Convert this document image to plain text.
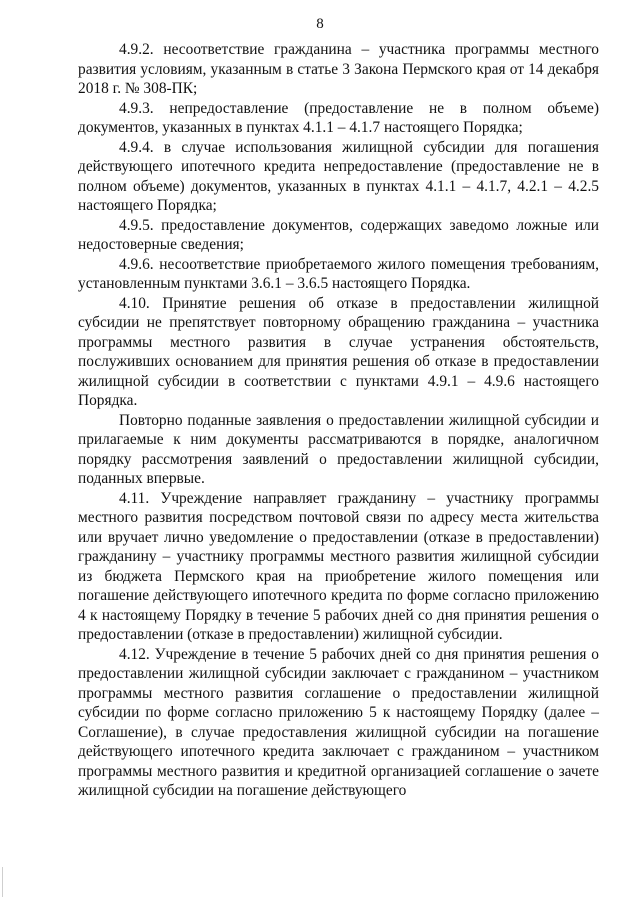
8

4.9.2. несоответствие гражданина – участника программы местного развития условиям, указанным в статье 3 Закона Пермского края от 14 декабря 2018 г. № 308-ПК;

4.9.3. непредоставление (предоставление не в полном объеме) документов, указанных в пунктах 4.1.1 – 4.1.7 настоящего Порядка;

4.9.4. в случае использования жилищной субсидии для погашения действующего ипотечного кредита непредоставление (предоставление не в полном объеме) документов, указанных в пунктах 4.1.1 – 4.1.7, 4.2.1 – 4.2.5 настоящего Порядка;

4.9.5. предоставление документов, содержащих заведомо ложные или недостоверные сведения;

4.9.6. несоответствие приобретаемого жилого помещения требованиям, установленным пунктами 3.6.1 – 3.6.5 настоящего Порядка.

4.10. Принятие решения об отказе в предоставлении жилищной субсидии не препятствует повторному обращению гражданина – участника программы местного развития в случае устранения обстоятельств, послуживших основанием для принятия решения об отказе в предоставлении жилищной субсидии в соответствии с пунктами 4.9.1 – 4.9.6 настоящего Порядка.

Повторно поданные заявления о предоставлении жилищной субсидии и прилагаемые к ним документы рассматриваются в порядке, аналогичном порядку рассмотрения заявлений о предоставлении жилищной субсидии, поданных впервые.

4.11. Учреждение направляет гражданину – участнику программы местного развития посредством почтовой связи по адресу места жительства или вручает лично уведомление о предоставлении (отказе в предоставлении) гражданину – участнику программы местного развития жилищной субсидии из бюджета Пермского края на приобретение жилого помещения или погашение действующего ипотечного кредита по форме согласно приложению 4 к настоящему Порядку в течение 5 рабочих дней со дня принятия решения о предоставлении (отказе в предоставлении) жилищной субсидии.

4.12. Учреждение в течение 5 рабочих дней со дня принятия решения о предоставлении жилищной субсидии заключает с гражданином – участником программы местного развития соглашение о предоставлении жилищной субсидии по форме согласно приложению 5 к настоящему Порядку (далее – Соглашение), в случае предоставления жилищной субсидии на погашение действующего ипотечного кредита заключает с гражданином – участником программы местного развития и кредитной организацией соглашение о зачете жилищной субсидии на погашение действующего
